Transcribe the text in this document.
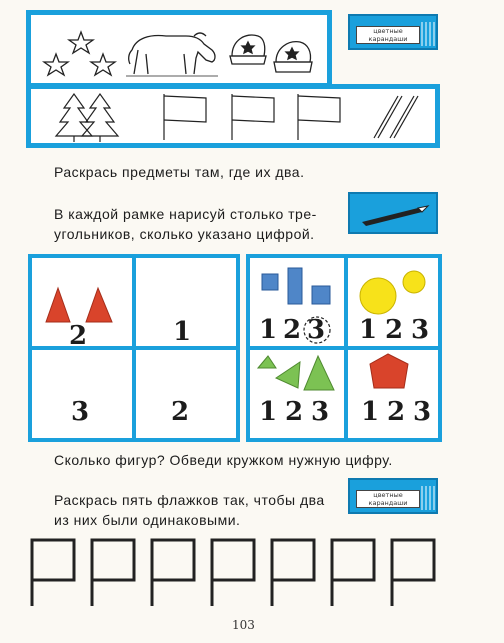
цветные карандаши

Раскрась предметы там, где их два.

В каждой рамке нарисуй столько тре-

угольников, сколько указано цифрой.

2	1
3	2
1 2 3 1 2 3
1 2 3 1 2 3

Сколько фигур? Обведи кружком нужную цифру.

Раскрась пять флажков так, чтобы два

из них были одинаковыми.

цветные карандаши
103
